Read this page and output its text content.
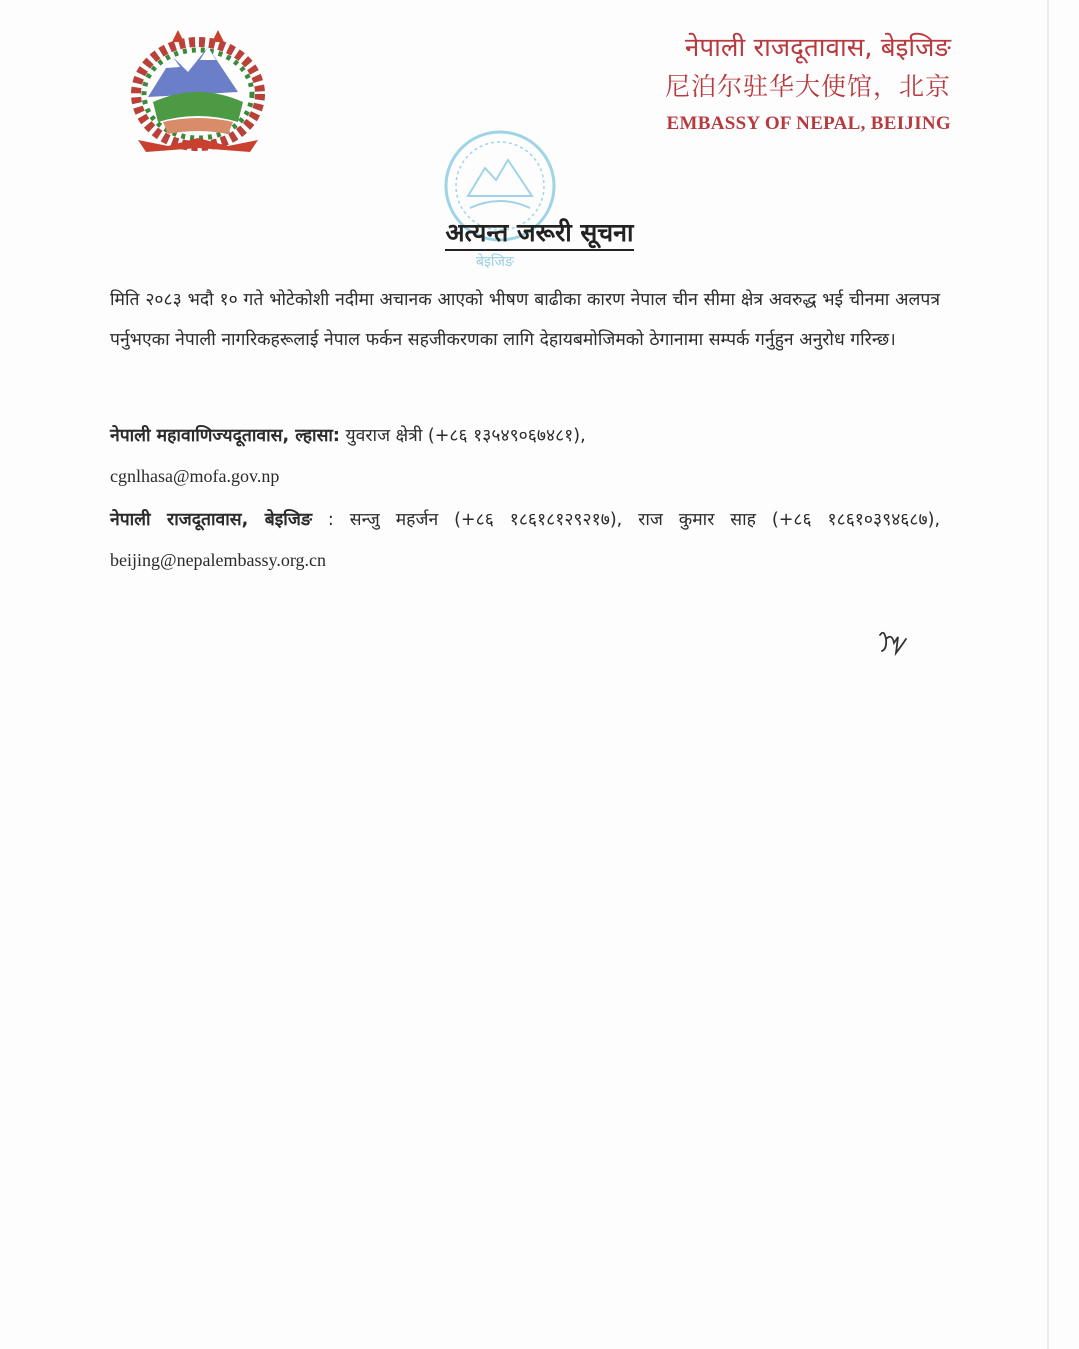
नेपाली राजदूतावास, बेइजिङ
尼泊尔驻华大使馆，北京
EMBASSY OF NEPAL, BEIJING
बेइजिङ
अत्यन्त जरूरी सूचना
मिति २०८३ भदौ १० गते भोटेकोशी नदीमा अचानक आएको भीषण बाढीका कारण नेपाल चीन सीमा क्षेत्र अवरुद्ध भई चीनमा अलपत्र पर्नुभएका नेपाली नागरिकहरूलाई नेपाल फर्कन सहजीकरणका लागि देहायबमोजिमको ठेगानामा सम्पर्क गर्नुहुन अनुरोध गरिन्छ।
नेपाली महावाणिज्यदूतावास, ल्हासा: युवराज क्षेत्री (+८६ १३५४९०६७४८१),
cgnlhasa@mofa.gov.np
नेपाली राजदूतावास, बेइजिङ : सन्जु महर्जन (+८६ १८६१८१२९२१७), राज कुमार साह (+८६ १८६१०३९४६८७), beijing@nepalembassy.org.cn
